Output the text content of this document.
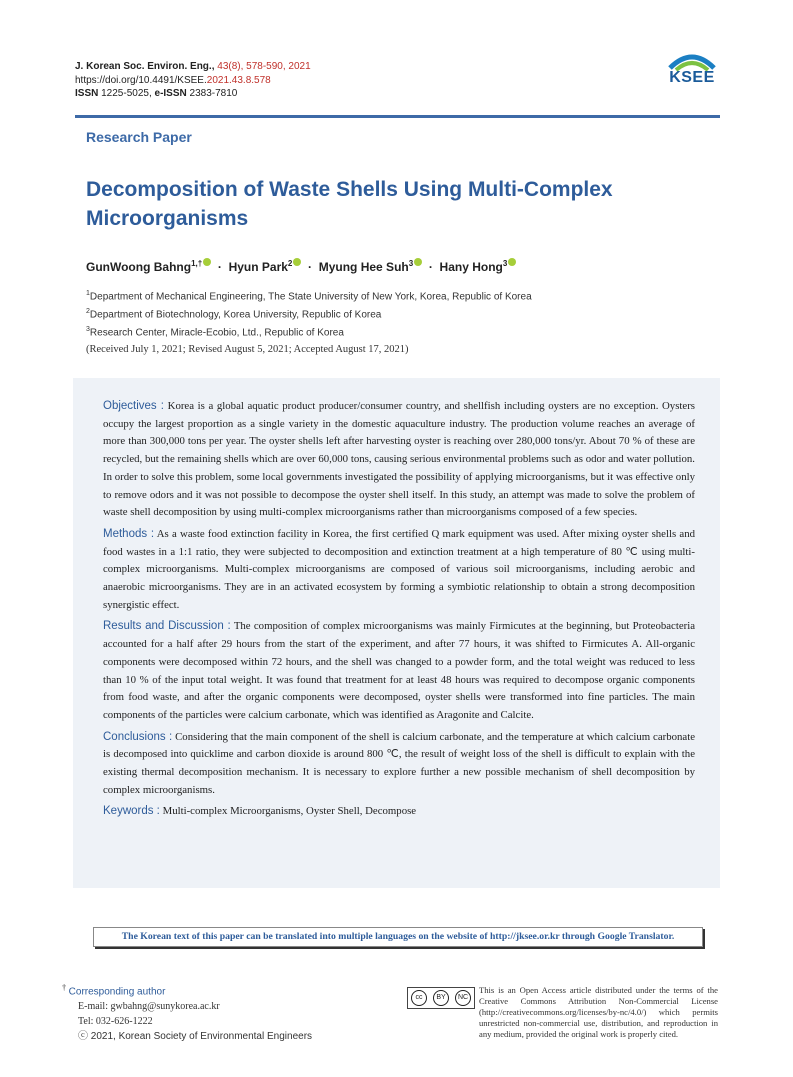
J. Korean Soc. Environ. Eng., 43(8), 578-590, 2021
https://doi.org/10.4491/KSEE.2021.43.8.578
ISSN 1225-5025, e-ISSN 2383-7810
KSEE
Research Paper
Decomposition of Waste Shells Using Multi-Complex Microorganisms
GunWoong Bahng$^{1,\dagger}$  ·  Hyun Park$^2$  ·  Myung Hee Suh$^3$  ·  Hany Hong$^3$
$^1$Department of Mechanical Engineering, The State University of New York, Korea, Republic of Korea
$^2$Department of Biotechnology, Korea University, Republic of Korea
$^3$Research Center, Miracle-Ecobio, Ltd., Republic of Korea
(Received July 1, 2021; Revised August 5, 2021; Accepted August 17, 2021)

Objectives : Korea is a global aquatic product producer/consumer country, and shellfish including oysters are no exception. Oysters occupy the largest proportion as a single variety in the domestic aquaculture industry. The production volume reaches an average of more than 300,000 tons per year. The oyster shells left after harvesting oyster is reaching over 280,000 tons/yr. About 70 % of these are recycled, but the remaining shells which are over 60,000 tons, causing serious environmental problems such as odor and water pollution. In order to solve this problem, some local governments investigated the possibility of applying microorganisms, but it was effective only to remove odors and it was not possible to decompose the oyster shell itself. In this study, an attempt was made to solve the problem of waste shell decomposition by using multi-complex microorganisms rather than microorganisms composed of a few species.

Methods : As a waste food extinction facility in Korea, the first certified Q mark equipment was used. After mixing oyster shells and food wastes in a 1:1 ratio, they were subjected to decomposition and extinction treatment at a high temperature of 80 ℃ using multi-complex microorganisms. Multi-complex microorganisms are composed of various soil microorganisms, including aerobic and anaerobic microorganisms. They are in an activated ecosystem by forming a symbiotic relationship to obtain a strong decomposition synergistic effect.

Results and Discussion : The composition of complex microorganisms was mainly Firmicutes at the beginning, but Proteobacteria accounted for a half after 29 hours from the start of the experiment, and after 77 hours, it was shifted to Firmicutes A. All-organic components were decomposed within 72 hours, and the shell was changed to a powder form, and the total weight was reduced to less than 10 % of the input total weight. It was found that treatment for at least 48 hours was required to decompose organic components from food waste, and after the organic components were decomposed, oyster shells were transformed into fine particles. The main components of the particles were calcium carbonate, which was identified as Aragonite and Calcite.

Conclusions : Considering that the main component of the shell is calcium carbonate, and the temperature at which calcium carbonate is decomposed into quicklime and carbon dioxide is around 800 ℃, the result of weight loss of the shell is difficult to explain with the existing thermal decomposition mechanism. It is necessary to explore further a new possible mechanism of shell decomposition by complex microorganisms.

Keywords : Multi-complex Microorganisms, Oyster Shell, Decompose

The Korean text of this paper can be translated into multiple languages on the website of http://jksee.or.kr through Google Translator.
† Corresponding author
E-mail: gwbahng@sunykorea.ac.kr
Tel: 032-626-1222
ⓒ 2021, Korean Society of Environmental Engineers
This is an Open Access article distributed under the terms of the Creative Commons Attribution Non-Commercial License (http://creativecommons.org/licenses/by-nc/4.0/) which permits unrestricted non-commercial use, distribution, and reproduction in any medium, provided the original work is properly cited.
cc	BY	NC
